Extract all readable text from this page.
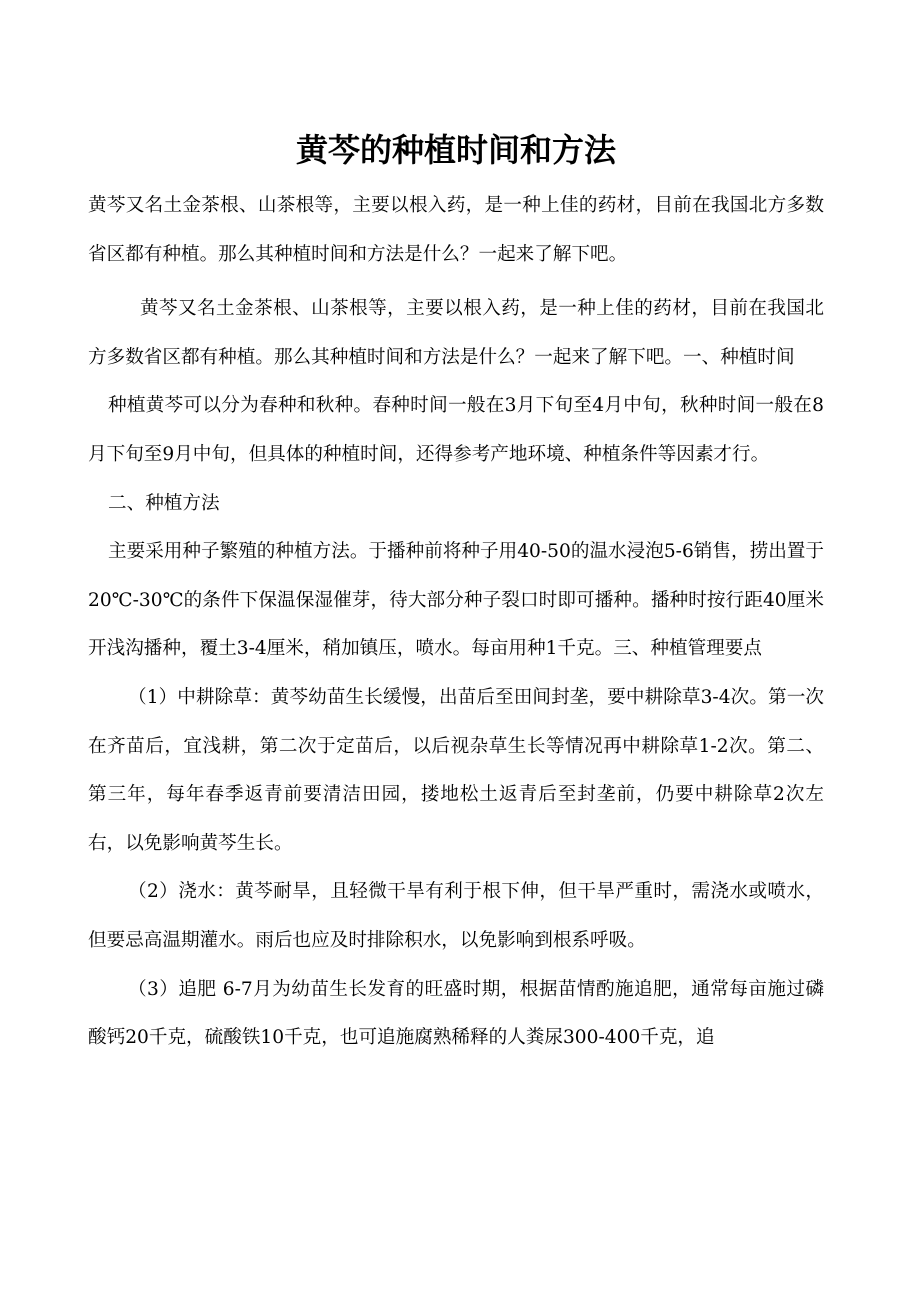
黄芩的种植时间和方法

黄芩又名土金茶根、山茶根等，主要以根入药，是一种上佳的药材，目前在我国北方多数省区都有种植。那么其种植时间和方法是什么？一起来了解下吧。

黄芩又名土金茶根、山茶根等，主要以根入药，是一种上佳的药材，目前在我国北方多数省区都有种植。那么其种植时间和方法是什么？一起来了解下吧。一、种植时间

种植黄芩可以分为春种和秋种。春种时间一般在3月下旬至4月中旬，秋种时间一般在8月下旬至9月中旬，但具体的种植时间，还得参考产地环境、种植条件等因素才行。

二、种植方法

主要采用种子繁殖的种植方法。于播种前将种子用40-50的温水浸泡5-6销售，捞出置于20℃-30℃的条件下保温保湿催芽，待大部分种子裂口时即可播种。播种时按行距40厘米开浅沟播种，覆土3-4厘米，稍加镇压，喷水。每亩用种1千克。三、种植管理要点

（1）中耕除草：黄芩幼苗生长缓慢，出苗后至田间封垄，要中耕除草3-4次。第一次在齐苗后，宜浅耕，第二次于定苗后，以后视杂草生长等情况再中耕除草1-2次。第二、第三年，每年春季返青前要清洁田园，搂地松土返青后至封垄前，仍要中耕除草2次左右，以免影响黄芩生长。

（2）浇水：黄芩耐旱，且轻微干旱有利于根下伸，但干旱严重时，需浇水或喷水，但要忌高温期灌水。雨后也应及时排除积水，以免影响到根系呼吸。

（3）追肥 6-7月为幼苗生长发育的旺盛时期，根据苗情酌施追肥，通常每亩施过磷酸钙20千克，硫酸铁10千克，也可追施腐熟稀释的人粪尿300-400千克，追
